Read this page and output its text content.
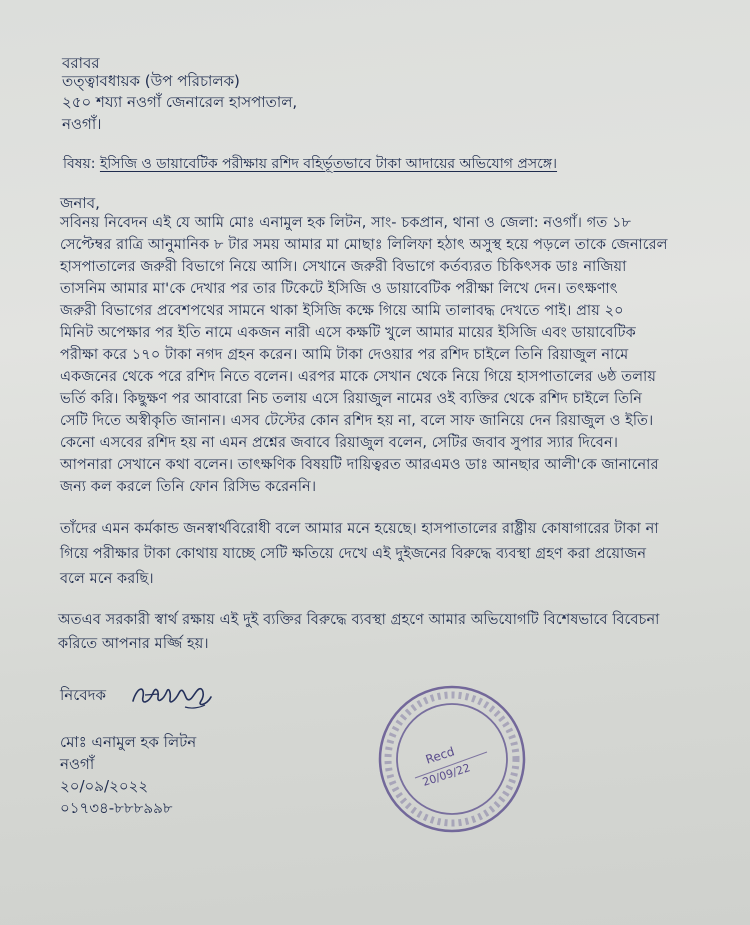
বরাবর
তত্ত্বাবধায়ক (উপ পরিচালক)
২৫০ শয্যা নওগাঁ জেনারেল হাসপাতাল,
নওগাঁ।
বিষয়: ইসিজি ও ডায়াবেটিক পরীক্ষায় রশিদ বহির্ভূতভাবে টাকা আদায়ের অভিযোগ প্রসঙ্গে।
জনাব,
সবিনয় নিবেদন এই যে আমি মোঃ এনামুল হক লিটন, সাং- চকপ্রান, থানা ও জেলা: নওগাঁ। গত ১৮
সেপ্টেম্বর রাত্রি আনুমানিক ৮ টার সময় আমার মা মোছাঃ লিলিফা হঠাৎ অসুস্থ হয়ে পড়লে তাকে জেনারেল
হাসপাতালের জরুরী বিভাগে নিয়ে আসি। সেখানে জরুরী বিভাগে কর্তব্যরত চিকিৎসক ডাঃ নাজিয়া
তাসনিম আমার মা'কে দেখার পর তার টিকেটে ইসিজি ও ডায়াবেটিক পরীক্ষা লিখে দেন। তৎক্ষণাৎ
জরুরী বিভাগের প্রবেশপথের সামনে থাকা ইসিজি কক্ষে গিয়ে আমি তালাবদ্ধ দেখতে পাই। প্রায় ২০
মিনিট অপেক্ষার পর ইতি নামে একজন নারী এসে কক্ষটি খুলে আমার মায়ের ইসিজি এবং ডায়াবেটিক
পরীক্ষা করে ১৭০ টাকা নগদ গ্রহন করেন। আমি টাকা দেওয়ার পর রশিদ চাইলে তিনি রিয়াজুল নামে
একজনের থেকে পরে রশিদ নিতে বলেন। এরপর মাকে সেখান থেকে নিয়ে গিয়ে হাসপাতালের ৬ষ্ঠ তলায়
ভর্তি করি। কিছুক্ষণ পর আবারো নিচ তলায় এসে রিয়াজুল নামের ওই ব্যক্তির থেকে রশিদ চাইলে তিনি
সেটি দিতে অস্বীকৃতি জানান। এসব টেস্টের কোন রশিদ হয় না, বলে সাফ জানিয়ে দেন রিয়াজুল ও ইতি।
কেনো এসবের রশিদ হয় না এমন প্রশ্নের জবাবে রিয়াজুল বলেন, সেটির জবাব সুপার স্যার দিবেন।
আপনারা সেখানে কথা বলেন। তাৎক্ষণিক বিষয়টি দায়িত্বরত আরএমও ডাঃ আনছার আলী'কে জানানোর
জন্য কল করলে তিনি ফোন রিসিভ করেননি।
তাঁদের এমন কর্মকান্ড জনস্বার্থবিরোধী বলে আমার মনে হয়েছে। হাসপাতালের রাষ্ট্রীয় কোষাগারের টাকা না
গিয়ে পরীক্ষার টাকা কোথায় যাচ্ছে সেটি ক্ষতিয়ে দেখে এই দুইজনের বিরুদ্ধে ব্যবস্থা গ্রহণ করা প্রয়োজন
বলে মনে করছি।
অতএব সরকারী স্বার্থ রক্ষায় এই দুই ব্যক্তির বিরুদ্ধে ব্যবস্থা গ্রহণে আমার অভিযোগটি বিশেষভাবে বিবেচনা
করিতে আপনার মর্জ্জি হয়।
নিবেদক
মোঃ এনামুল হক লিটন
নওগাঁ
২০/০৯/২০২২
০১৭৩৪-৮৮৮৯৯৮
Recd
20/09/22
